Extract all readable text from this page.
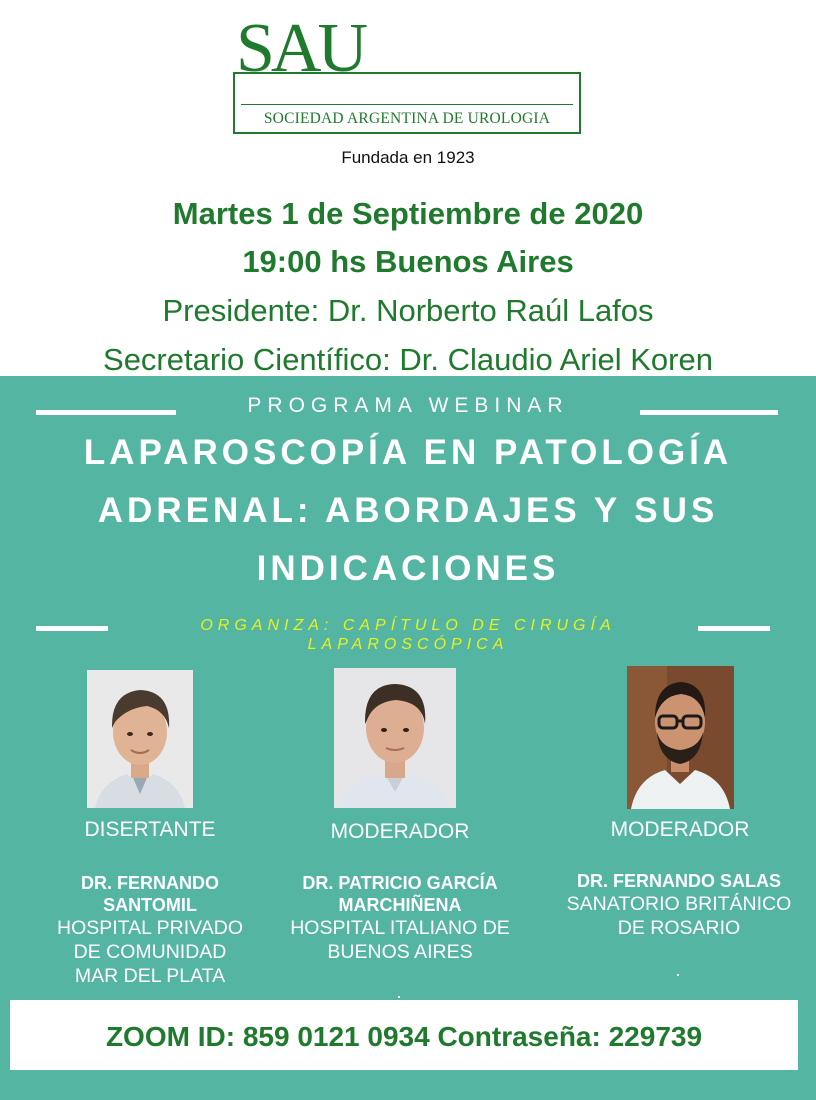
SAU
SOCIEDAD ARGENTINA DE UROLOGIA
Fundada en 1923
Martes 1 de Septiembre de 2020
19:00 hs Buenos Aires
Presidente: Dr. Norberto Raúl Lafos
Secretario Científico: Dr. Claudio Ariel Koren
PROGRAMA WEBINAR
LAPAROSCOPÍA EN PATOLOGÍA
ADRENAL: ABORDAJES Y SUS
INDICACIONES
ORGANIZA: CAPÍTULO DE CIRUGÍA
LAPAROSCÓPICA
DISERTANTE	MODERADOR	MODERADOR
DR. FERNANDO
SANTOMIL
HOSPITAL PRIVADO
DE COMUNIDAD
MAR DEL PLATA
DR. PATRICIO GARCÍA
MARCHIÑENA
HOSPITAL ITALIANO DE
BUENOS AIRES
DR. FERNANDO SALAS
SANATORIO BRITÁNICO
DE ROSARIO
ZOOM ID: 859 0121 0934 Contraseña: 229739
